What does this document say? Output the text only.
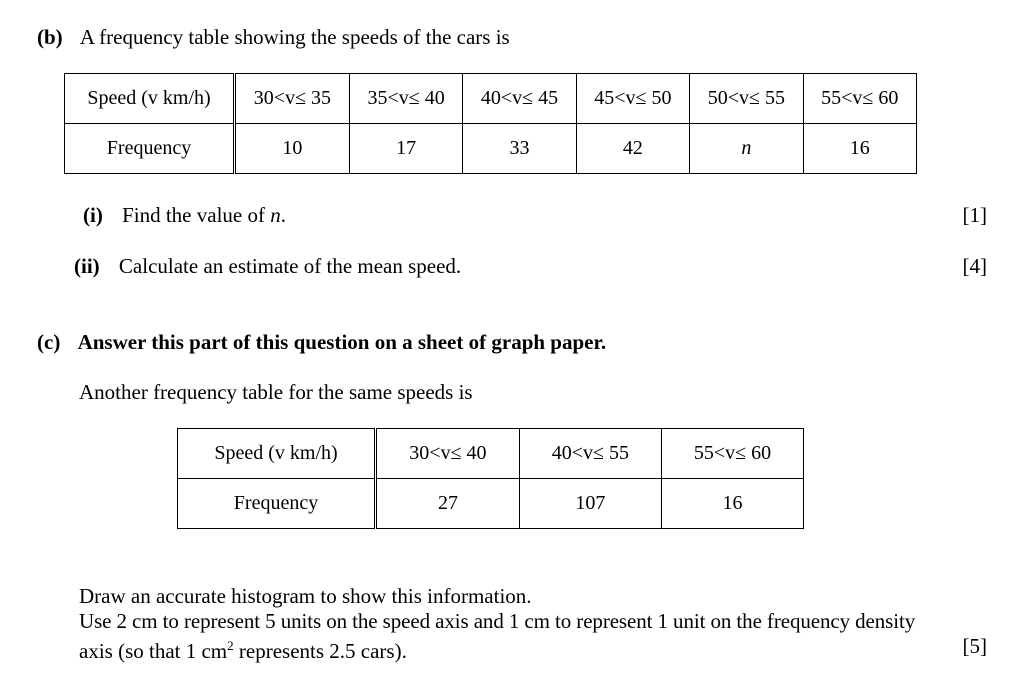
(b) A frequency table showing the speeds of the cars is
Speed (v km/h)	30<v≤ 35	35<v≤ 40	40<v≤ 45	45<v≤ 50	50<v≤ 55	55<v≤ 60
Frequency	10	17	33	42	n	16
(i) Find the value of n.	[1]
(ii) Calculate an estimate of the mean speed.	[4]
(c) Answer this part of this question on a sheet of graph paper.
Another frequency table for the same speeds is
Speed (v km/h)	30<v≤ 40	40<v≤ 55	55<v≤ 60
Frequency	27	107	16
Draw an accurate histogram to show this information.
Use 2 cm to represent 5 units on the speed axis and 1 cm to represent 1 unit on the frequency density
axis (so that 1 $cm^2$ represents 2.5 cars).	[5]
